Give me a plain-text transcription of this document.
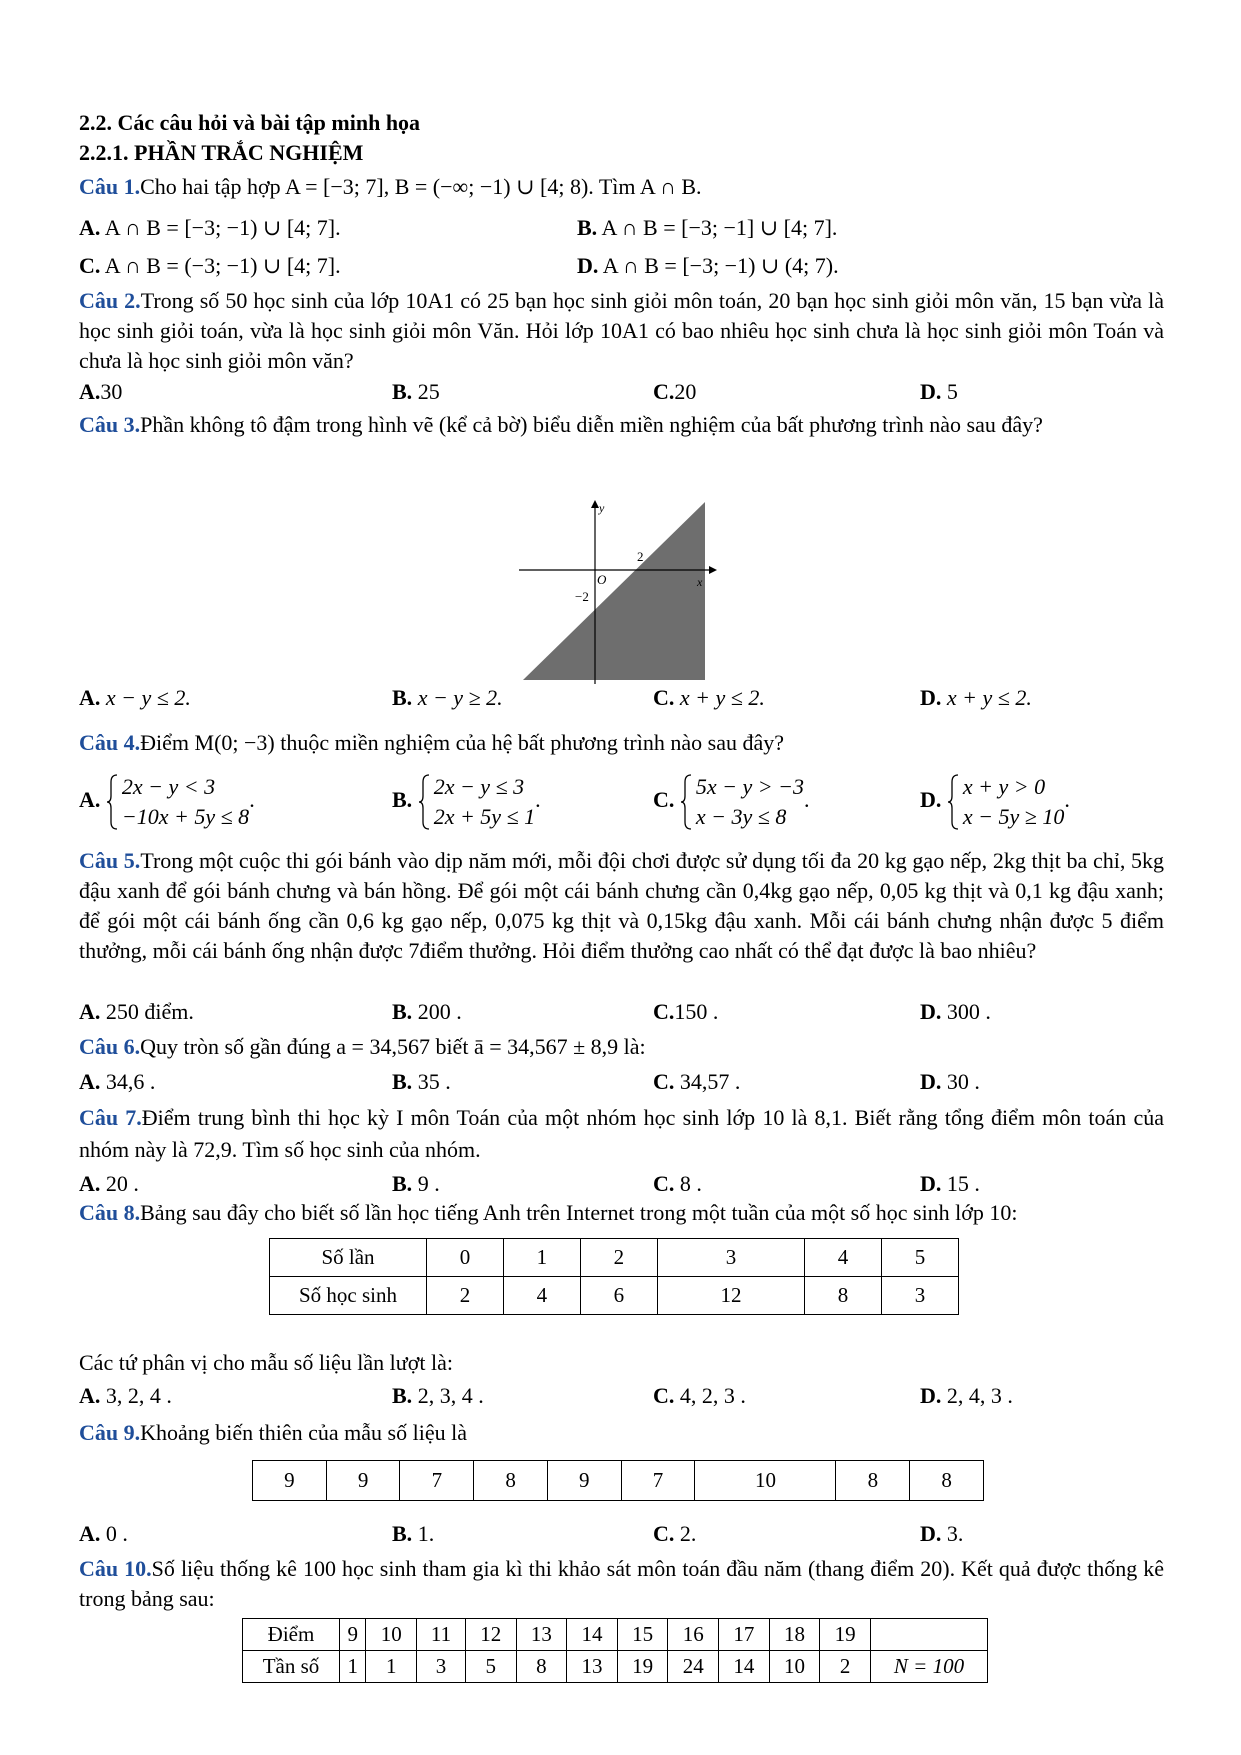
2.2. Các câu hỏi và bài tập minh họa
2.2.1. PHẦN TRẮC NGHIỆM
Câu 1.Cho hai tập hợp A = [−3; 7], B = (−∞; −1) ∪ [4; 8). Tìm A ∩ B.
A. A ∩ B = [−3; −1) ∪ [4; 7].	B. A ∩ B = [−3; −1] ∪ [4; 7].
C. A ∩ B = (−3; −1) ∪ [4; 7].	D. A ∩ B = [−3; −1) ∪ (4; 7).
Câu 2.Trong số 50 học sinh của lớp 10A1 có 25 bạn học sinh giỏi môn toán, 20 bạn học sinh giỏi môn văn, 15 bạn vừa là học sinh giỏi toán, vừa là học sinh giỏi môn Văn. Hỏi lớp 10A1 có bao nhiêu học sinh chưa là học sinh giỏi môn Toán và chưa là học sinh giỏi môn văn?
A.30	B. 25	C.20	D. 5
Câu 3.Phần không tô đậm trong hình vẽ (kể cả bờ) biểu diễn miền nghiệm của bất phương trình nào sau đây?
y
x
O
2
−2
A. x − y ≤ 2.	B. x − y ≥ 2.	C. x + y ≤ 2.	D. x + y ≤ 2.
Câu 4.Điểm M(0; −3) thuộc miền nghiệm của hệ bất phương trình nào sau đây?
A.
2x − y < 3
−10x + 5y ≤ 8.	B.
2x − y ≤ 3
2x + 5y ≤ 1.	C.
5x − y > −3
x − 3y ≤ 8.	D.
x + y > 0
x − 5y ≥ 10.
Câu 5.Trong một cuộc thi gói bánh vào dịp năm mới, mỗi đội chơi được sử dụng tối đa 20 kg gạo nếp, 2kg thịt ba chỉ, 5kg đậu xanh để gói bánh chưng và bán hồng. Để gói một cái bánh chưng cần 0,4kg gạo nếp, 0,05 kg thịt và 0,1 kg đậu xanh; để gói một cái bánh ống cần 0,6 kg gạo nếp, 0,075 kg thịt và 0,15kg đậu xanh. Mỗi cái bánh chưng nhận được 5 điểm thưởng, mỗi cái bánh ống nhận được 7điểm thưởng. Hỏi điểm thưởng cao nhất có thể đạt được là bao nhiêu?
A. 250 điểm.	B. 200 .	C.150 .	D. 300 .
Câu 6.Quy tròn số gần đúng a = 34,567 biết ā = 34,567 ± 8,9 là:
A. 34,6 .	B. 35 .	C. 34,57 .	D. 30 .
Câu 7.Điểm trung bình thi học kỳ I môn Toán của một nhóm học sinh lớp 10 là 8,1. Biết rằng tổng điểm môn toán của nhóm này là 72,9. Tìm số học sinh của nhóm.
A. 20 .	B. 9 .	C. 8 .	D. 15 .
Câu 8.Bảng sau đây cho biết số lần học tiếng Anh trên Internet trong một tuần của một số học sinh lớp 10:
Số lần	0	1	2	3	4	5
Số học sinh	2	4	6	12	8	3
Các tứ phân vị cho mẫu số liệu lần lượt là:
A. 3, 2, 4 .	B. 2, 3, 4 .	C. 4, 2, 3 .	D. 2, 4, 3 .
Câu 9.Khoảng biến thiên của mẫu số liệu là
9	9	7	8	9	7	10	8	8
A. 0 .	B. 1.	C. 2.	D. 3.
Câu 10.Số liệu thống kê 100 học sinh tham gia kì thi khảo sát môn toán đầu năm (thang điểm 20). Kết quả được thống kê trong bảng sau:
Điểm	9	10	11	12	13	14	15	16	17	18	19	
Tần số	1	1	3	5	8	13	19	24	14	10	2	N = 100
